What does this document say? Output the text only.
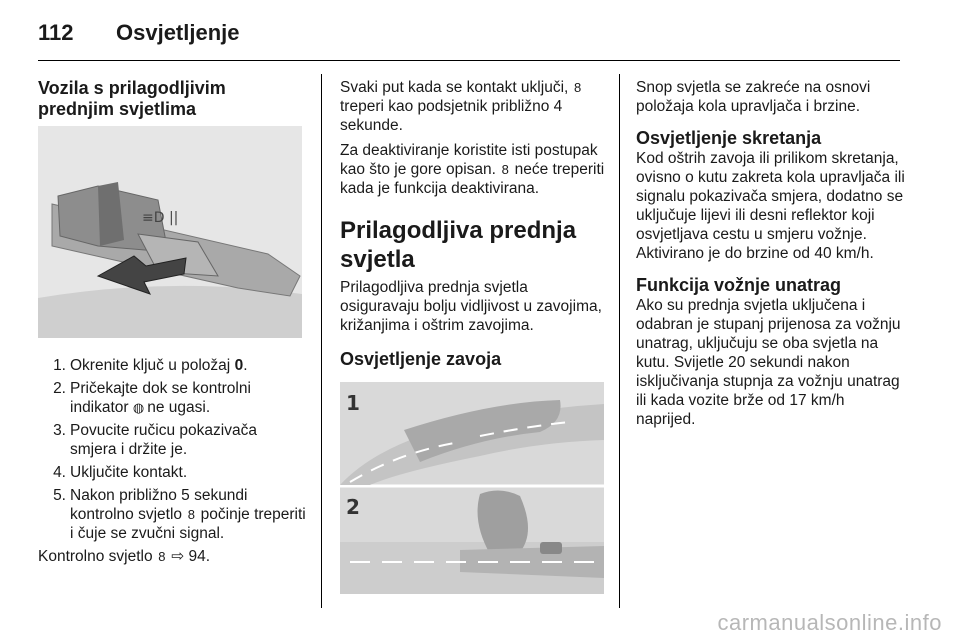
112	Osvjetljenje
Vozila s prilagodljivim prednjim svjetlima
≡D ||
1. Okrenite ključ u položaj 0.
2. Pričekajte dok se kontrolni indikator ◍ ne ugasi.
3. Povucite ručicu pokazivača smjera i držite je.
4. Uključite kontakt.
5. Nakon približno 5 sekundi kontrolno svjetlo 8 počinje treperiti i čuje se zvučni signal.

Kontrolno svjetlo 8 ⇨ 94.

Svaki put kada se kontakt uključi, 8 treperi kao podsjetnik približno 4 sekunde.

Za deaktiviranje koristite isti postupak kao što je gore opisan. 8 neće treperiti kada je funkcija deaktivirana.

Prilagodljiva prednja svjetla

Prilagodljiva prednja svjetla osiguravaju bolju vidljivost u zavojima, križanjima i oštrim zavojima.

Osvjetljenje zavoja
1
2

Snop svjetla se zakreće na osnovi položaja kola upravljača i brzine.

Osvjetljenje skretanja

Kod oštrih zavoja ili prilikom skretanja, ovisno o kutu zakreta kola upravljača ili signalu pokazivača smjera, dodatno se uključuje lijevi ili desni reflektor koji osvjetljava cestu u smjeru vožnje. Aktivirano je do brzine od 40 km/h.

Funkcija vožnje unatrag

Ako su prednja svjetla uključena i odabran je stupanj prijenosa za vožnju unatrag, uključuju se oba svjetla na kutu. Svijetle 20 sekundi nakon isključivanja stupnja za vožnju unatrag ili kada vozite brže od 17 km/h naprijed.

carmanualsonline.info
